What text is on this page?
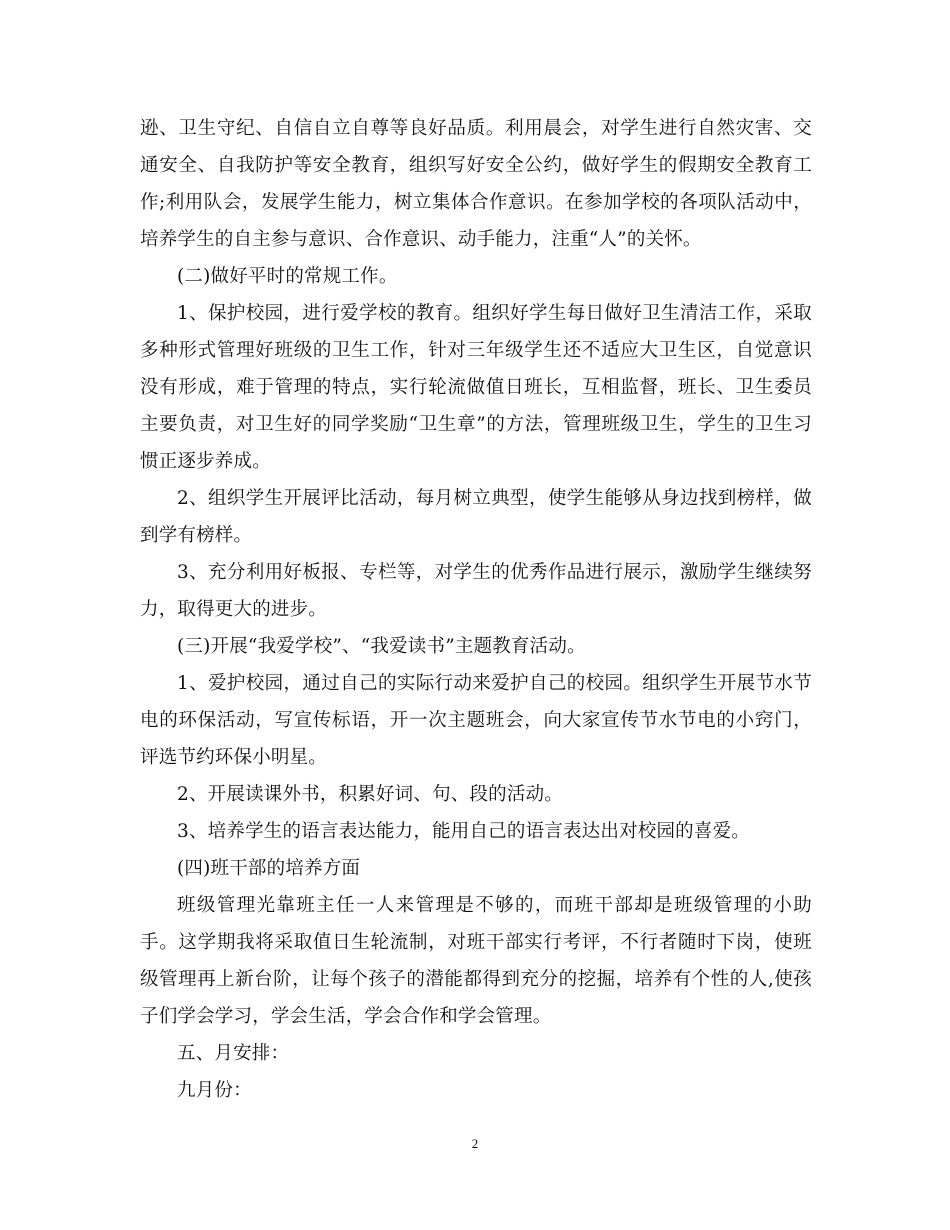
逊、卫生守纪、自信自立自尊等良好品质。利用晨会，对学生进行自然灾害、交通安全、自我防护等安全教育，组织写好安全公约，做好学生的假期安全教育工作;利用队会，发展学生能力，树立集体合作意识。在参加学校的各项队活动中，培养学生的自主参与意识、合作意识、动手能力，注重“人”的关怀。

(二)做好平时的常规工作。

1、保护校园，进行爱学校的教育。组织好学生每日做好卫生清洁工作，采取多种形式管理好班级的卫生工作，针对三年级学生还不适应大卫生区，自觉意识没有形成，难于管理的特点，实行轮流做值日班长，互相监督，班长、卫生委员主要负责，对卫生好的同学奖励“卫生章”的方法，管理班级卫生，学生的卫生习惯正逐步养成。

2、组织学生开展评比活动，每月树立典型，使学生能够从身边找到榜样，做到学有榜样。

3、充分利用好板报、专栏等，对学生的优秀作品进行展示，激励学生继续努力，取得更大的进步。

(三)开展“我爱学校”、“我爱读书”主题教育活动。

1、爱护校园，通过自己的实际行动来爱护自己的校园。组织学生开展节水节电的环保活动，写宣传标语，开一次主题班会，向大家宣传节水节电的小窍门，评选节约环保小明星。

2、开展读课外书，积累好词、句、段的活动。

3、培养学生的语言表达能力，能用自己的语言表达出对校园的喜爱。

(四)班干部的培养方面

班级管理光靠班主任一人来管理是不够的，而班干部却是班级管理的小助手。这学期我将采取值日生轮流制，对班干部实行考评，不行者随时下岗，使班级管理再上新台阶，让每个孩子的潜能都得到充分的挖掘，培养有个性的人,使孩子们学会学习，学会生活，学会合作和学会管理。

五、月安排：

九月份：

2
